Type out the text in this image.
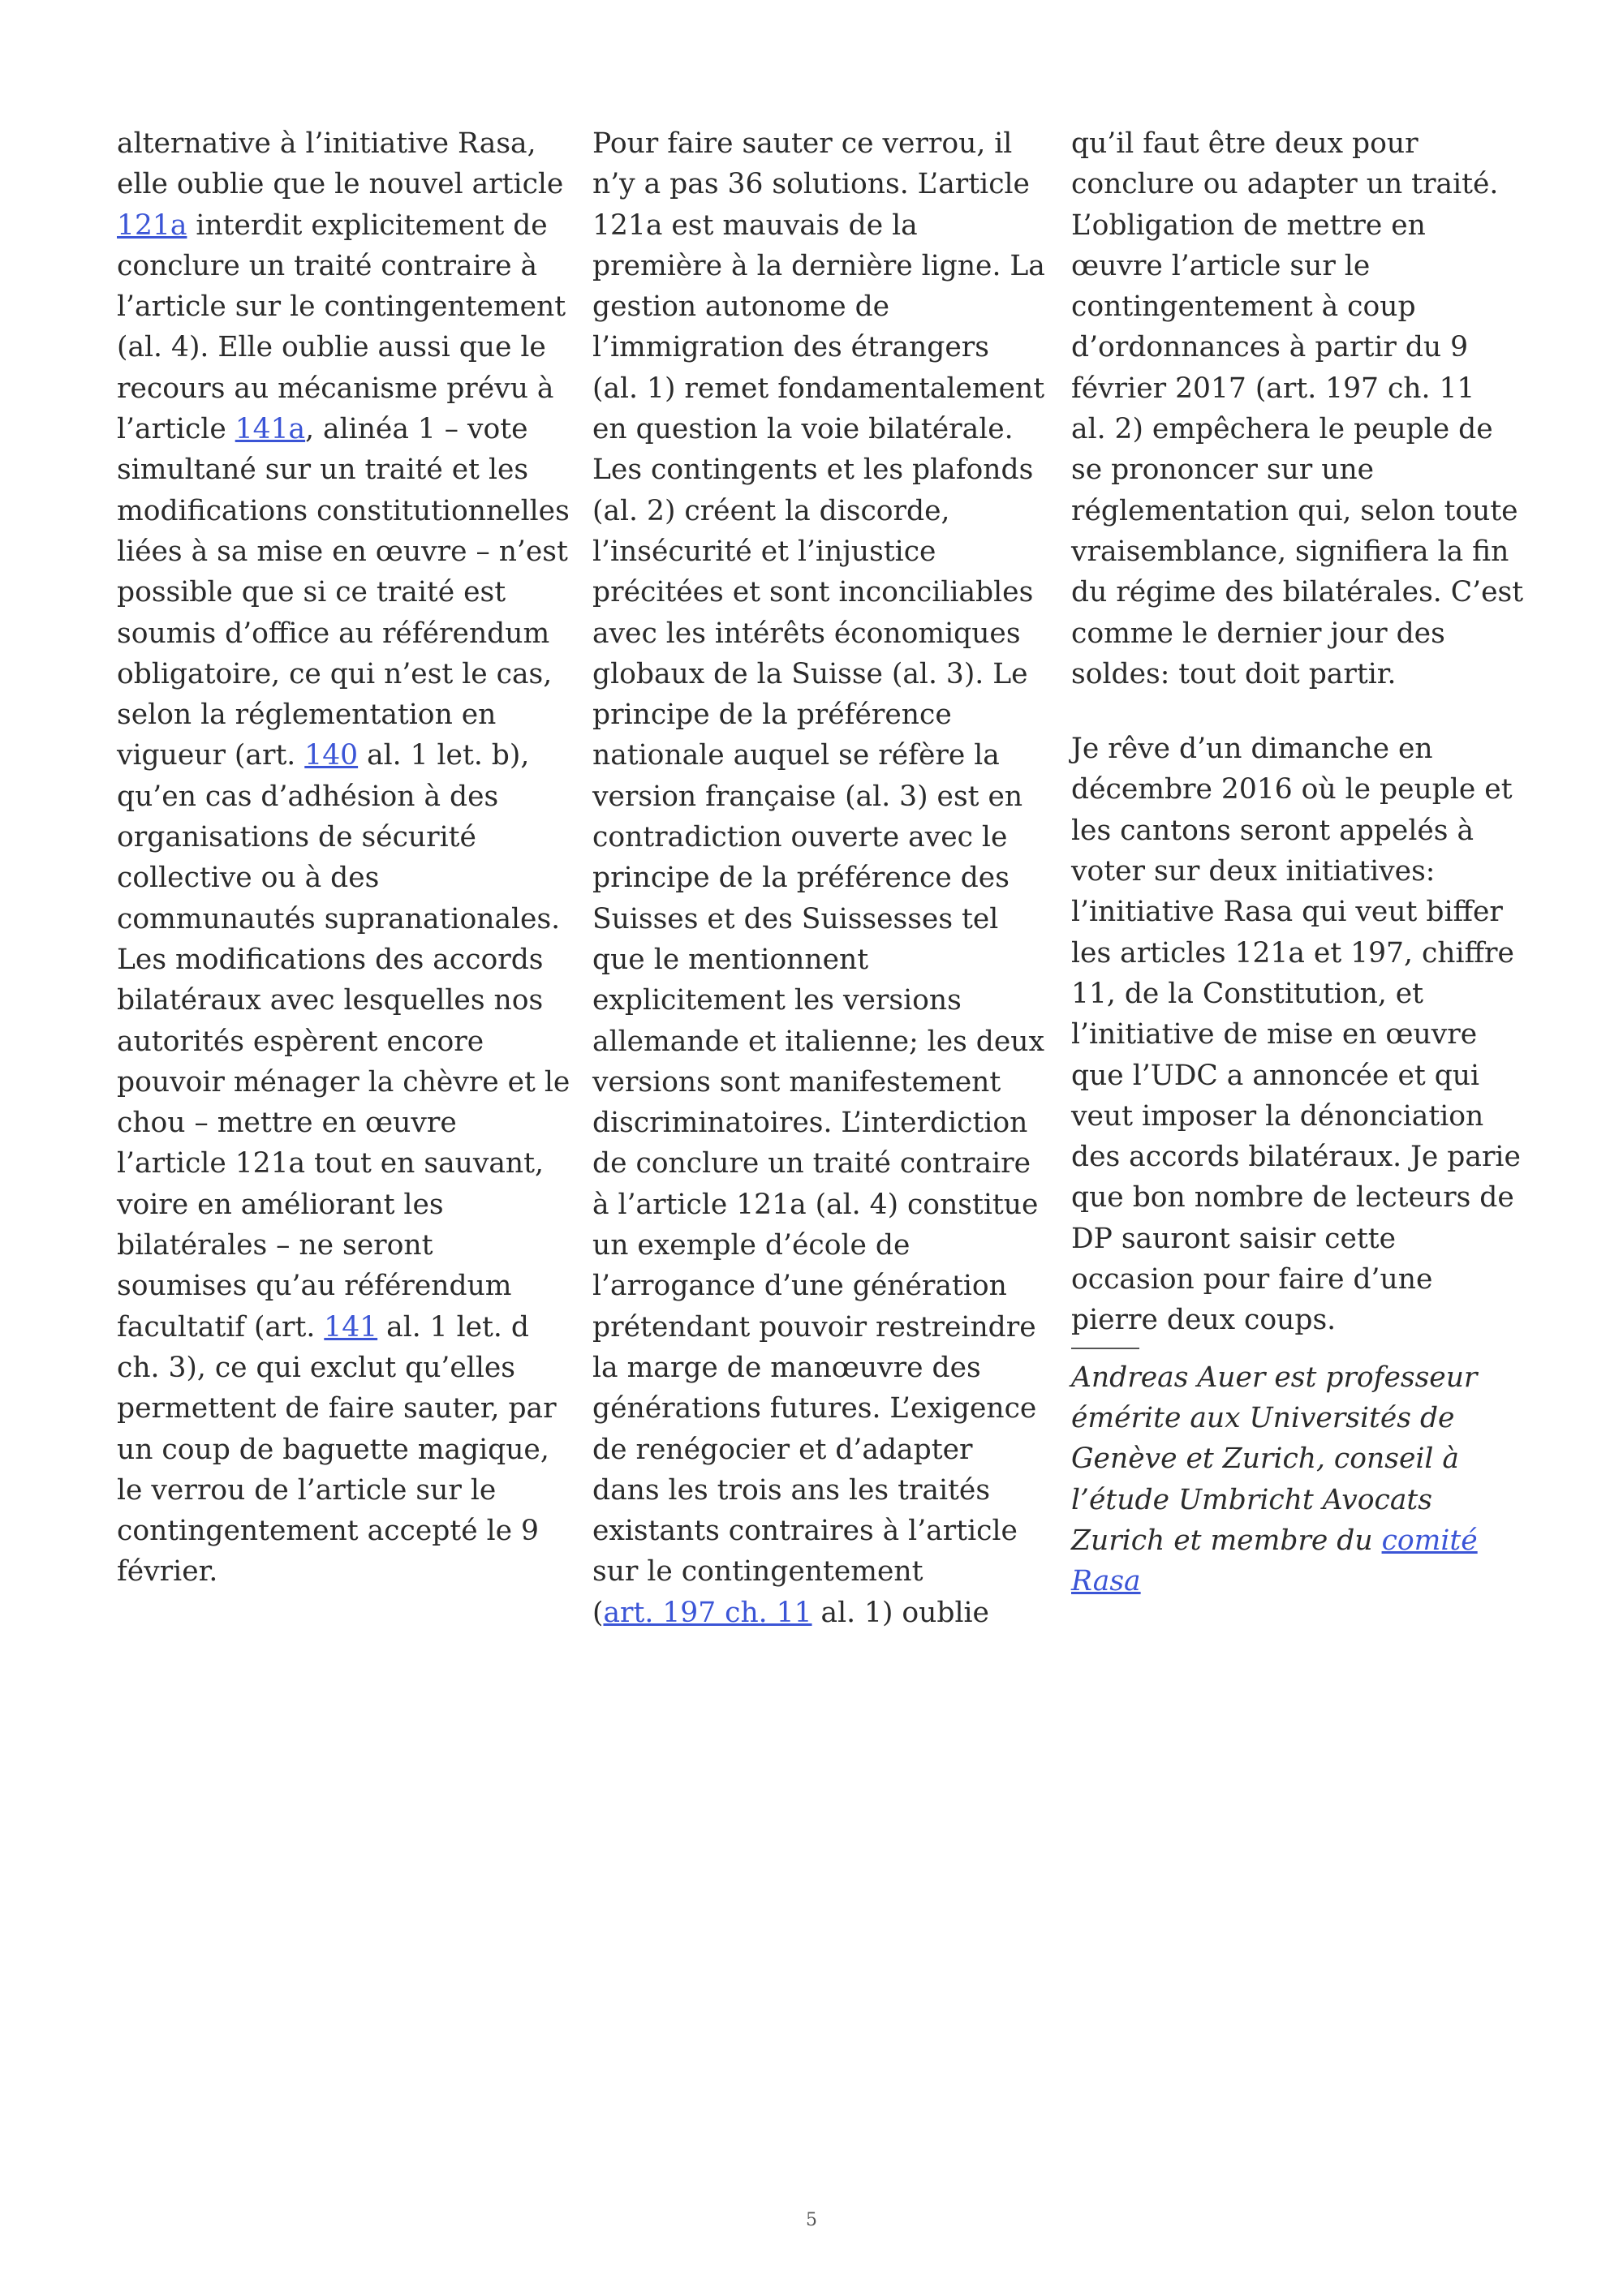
alternative à l’initiative Rasa,
elle oublie que le nouvel article
121a interdit explicitement de
conclure un traité contraire à
l’article sur le contingentement
(al. 4). Elle oublie aussi que le
recours au mécanisme prévu à
l’article 141a, alinéa 1 – vote
simultané sur un traité et les
modifications constitutionnelles
liées à sa mise en œuvre – n’est
possible que si ce traité est
soumis d’office au référendum
obligatoire, ce qui n’est le cas,
selon la réglementation en
vigueur (art. 140 al. 1 let. b),
qu’en cas d’adhésion à des
organisations de sécurité
collective ou à des
communautés supranationales.
Les modifications des accords
bilatéraux avec lesquelles nos
autorités espèrent encore
pouvoir ménager la chèvre et le
chou – mettre en œuvre
l’article 121a tout en sauvant,
voire en améliorant les
bilatérales – ne seront
soumises qu’au référendum
facultatif (art. 141 al. 1 let. d
ch. 3), ce qui exclut qu’elles
permettent de faire sauter, par
un coup de baguette magique,
le verrou de l’article sur le
contingentement accepté le 9
février.
Pour faire sauter ce verrou, il
n’y a pas 36 solutions. L’article
121a est mauvais de la
première à la dernière ligne. La
gestion autonome de
l’immigration des étrangers
(al. 1) remet fondamentalement
en question la voie bilatérale.
Les contingents et les plafonds
(al. 2) créent la discorde,
l’insécurité et l’injustice
précitées et sont inconciliables
avec les intérêts économiques
globaux de la Suisse (al. 3). Le
principe de la préférence
nationale auquel se réfère la
version française (al. 3) est en
contradiction ouverte avec le
principe de la préférence des
Suisses et des Suissesses tel
que le mentionnent
explicitement les versions
allemande et italienne; les deux
versions sont manifestement
discriminatoires. L’interdiction
de conclure un traité contraire
à l’article 121a (al. 4) constitue
un exemple d’école de
l’arrogance d’une génération
prétendant pouvoir restreindre
la marge de manœuvre des
générations futures. L’exigence
de renégocier et d’adapter
dans les trois ans les traités
existants contraires à l’article
sur le contingentement
(art. 197 ch. 11 al. 1) oublie
qu’il faut être deux pour
conclure ou adapter un traité.
L’obligation de mettre en
œuvre l’article sur le
contingentement à coup
d’ordonnances à partir du 9
février 2017 (art. 197 ch. 11
al. 2) empêchera le peuple de
se prononcer sur une
réglementation qui, selon toute
vraisemblance, signifiera la fin
du régime des bilatérales. C’est
comme le dernier jour des
soldes: tout doit partir.
Je rêve d’un dimanche en
décembre 2016 où le peuple et
les cantons seront appelés à
voter sur deux initiatives:
l’initiative Rasa qui veut biffer
les articles 121a et 197, chiffre
11, de la Constitution, et
l’initiative de mise en œuvre
que l’UDC a annoncée et qui
veut imposer la dénonciation
des accords bilatéraux. Je parie
que bon nombre de lecteurs de
DP sauront saisir cette
occasion pour faire d’une
pierre deux coups.
Andreas Auer est professeur
émérite aux Universités de
Genève et Zurich, conseil à
l’étude Umbricht Avocats
Zurich et membre du comité
Rasa
5
